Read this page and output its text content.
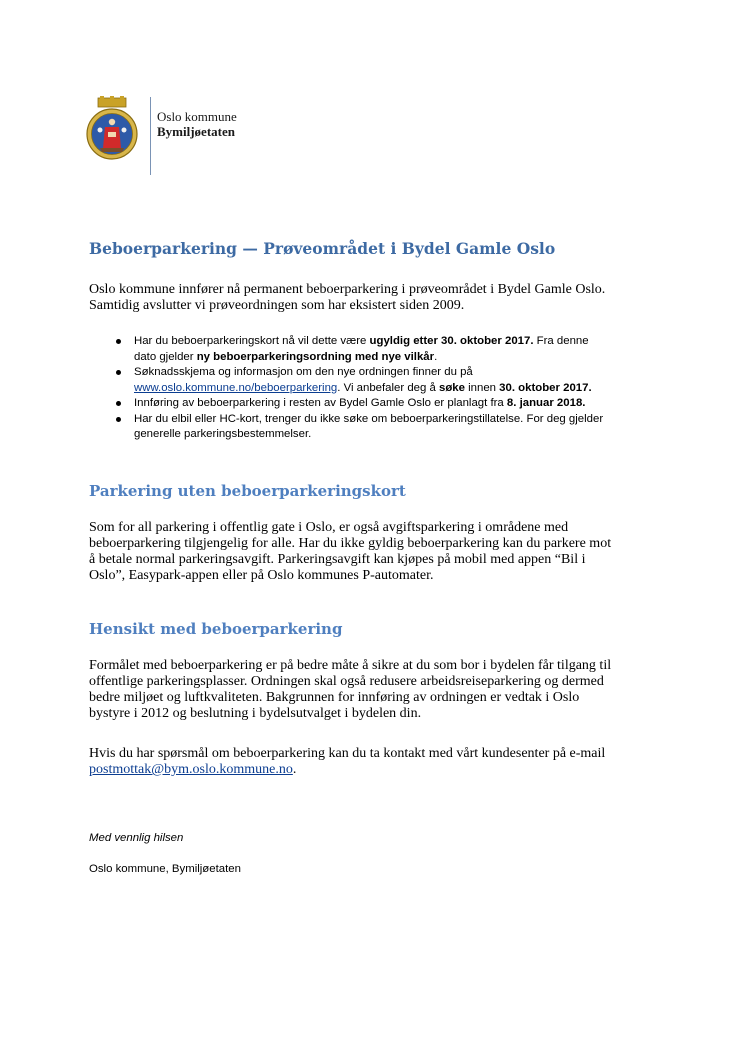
Oslo kommune
Bymiljøetaten
Beboerparkering — Prøveområdet i Bydel Gamle Oslo

Oslo kommune innfører nå permanent beboerparkering i prøveområdet i Bydel Gamle Oslo.
Samtidig avslutter vi prøveordningen som har eksistert siden 2009.

Har du beboerparkeringskort nå vil dette være ugyldig etter 30. oktober 2017. Fra denne
dato gjelder ny beboerparkeringsordning med nye vilkår.
Søknadsskjema og informasjon om den nye ordningen finner du på
www.oslo.kommune.no/beboerparkering. Vi anbefaler deg å søke innen 30. oktober 2017.
Innføring av beboerparkering i resten av Bydel Gamle Oslo er planlagt fra 8. januar 2018.
Har du elbil eller HC-kort, trenger du ikke søke om beboerparkeringstillatelse. For deg gjelder
generelle parkeringsbestemmelser.
Parkering uten beboerparkeringskort

Som for all parkering i offentlig gate i Oslo, er også avgiftsparkering i områdene med
beboerparkering tilgjengelig for alle. Har du ikke gyldig beboerparkering kan du parkere mot
å betale normal parkeringsavgift. Parkeringsavgift kan kjøpes på mobil med appen “Bil i
Oslo”, Easypark-appen eller på Oslo kommunes P-automater.

Hensikt med beboerparkering

Formålet med beboerparkering er på bedre måte å sikre at du som bor i bydelen får tilgang til
offentlige parkeringsplasser. Ordningen skal også redusere arbeidsreiseparkering og dermed
bedre miljøet og luftkvaliteten. Bakgrunnen for innføring av ordningen er vedtak i Oslo
bystyre i 2012 og beslutning i bydelsutvalget i bydelen din.

Hvis du har spørsmål om beboerparkering kan du ta kontakt med vårt kundesenter på e-mail
postmottak@bym.oslo.kommune.no.

Med vennlig hilsen

Oslo kommune, Bymiljøetaten
